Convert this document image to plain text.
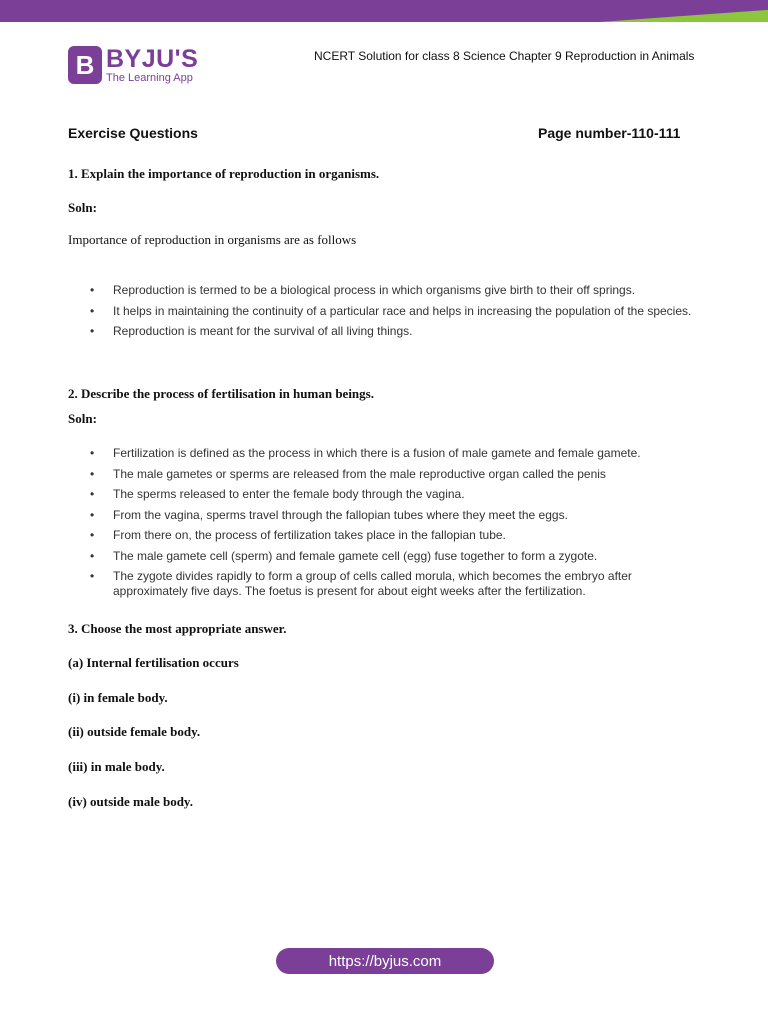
B BYJU'S
The Learning App
NCERT Solution for class 8 Science Chapter 9 Reproduction in Animals
Exercise Questions	Page number-110-111
1. Explain the importance of reproduction in organisms.
Soln:
Importance of reproduction in organisms are as follows
• Reproduction is termed to be a biological process in which organisms give birth to their off springs.
• It helps in maintaining the continuity of a particular race and helps in increasing the population of the species.
• Reproduction is meant for the survival of all living things.
2. Describe the process of fertilisation in human beings.
Soln:
• Fertilization is defined as the process in which there is a fusion of male gamete and female gamete.
• The male gametes or sperms are released from the male reproductive organ called the penis
• The sperms released to enter the female body through the vagina.
• From the vagina, sperms travel through the fallopian tubes where they meet the eggs.
• From there on, the process of fertilization takes place in the fallopian tube.
• The male gamete cell (sperm) and female gamete cell (egg) fuse together to form a zygote.
• The zygote divides rapidly to form a group of cells called morula, which becomes the embryo after approximately five days. The foetus is present for about eight weeks after the fertilization.
3. Choose the most appropriate answer.
(a) Internal fertilisation occurs
(i) in female body.
(ii) outside female body.
(iii) in male body.
(iv) outside male body.
https://byjus.com
